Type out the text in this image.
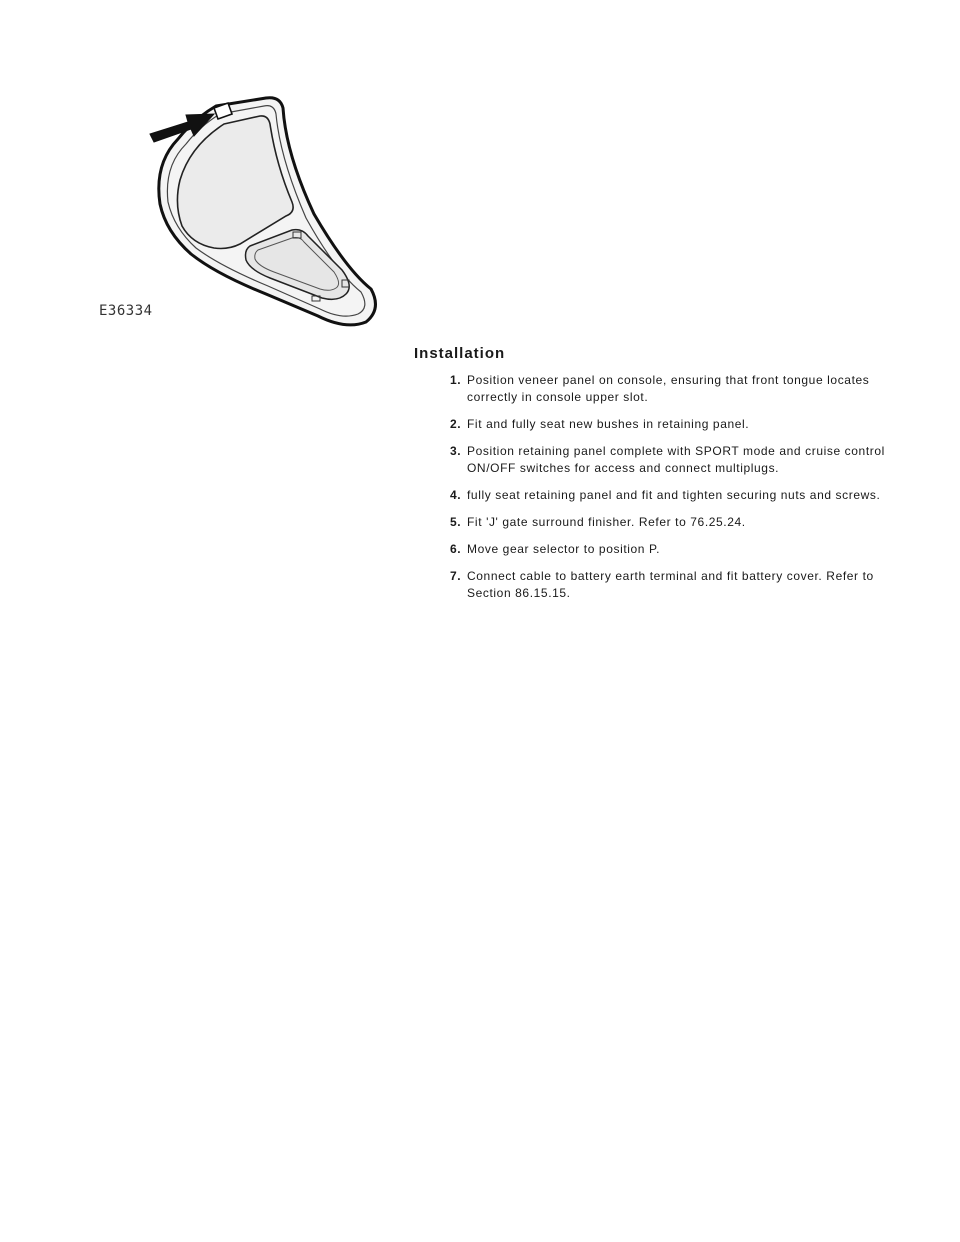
E36334
Installation
1. Position veneer panel on console, ensuring that front tongue locates correctly in console upper slot.
2. Fit and fully seat new bushes in retaining panel.
3. Position retaining panel complete with SPORT mode and cruise control ON/OFF switches for access and connect multiplugs.
4. fully seat retaining panel and fit and tighten securing nuts and screws.
5. Fit 'J' gate surround finisher. Refer to 76.25.24.
6. Move gear selector to position P.
7. Connect cable to battery earth terminal and fit battery cover. Refer to Section 86.15.15.
